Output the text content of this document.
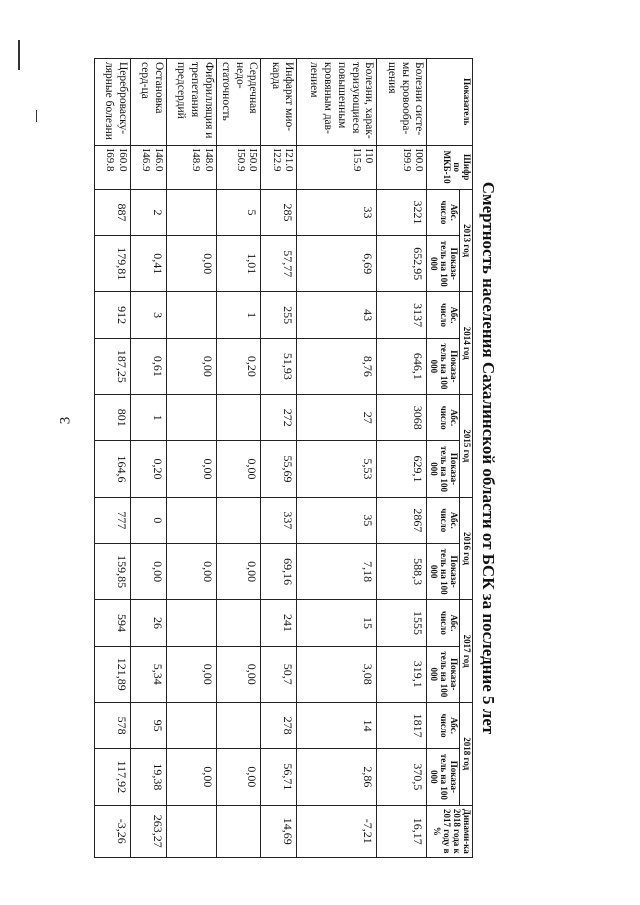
3	Смертность населения Сахалинской области от БСК за последние 5 лет
Показатель	Шифр по МКБ-10	2013 год		2014 год		2015 год		2016 год		2017 год		2018 год		Динами-ка 2018 года к 2017 году в %
		Абс. число	Показа-тель на 100 000	Абс. число	Показа-тель на 100 000	Абс. число	Показа-тель на 100 000	Абс. число	Показа-тель на 100 000	Абс. число	Показа-тель на 100 000	Абс. число	Показа-тель на 100 000	
Болезни систе-мы кровообра-щения	I00.0 I99.9	3221	652,95	3137	646,1	3068	629,1	2867	588,3	1555	319,1	1817	370,5	16,17
Болезни, харак-теризующиеся повышенным кровяным дав-лением	I10 I15.9	33	6,69	43	8,76	27	5,53	35	7,18	15	3,08	14	2,86	-7,21
Инфаркт мио-карда	I21.0 I22.9	285	57,77	255	51,93	272	55,69	337	69,16	241	50,7	278	56,71	14,69
Сердечная недо-статочность	I50.0 I50.9	5	1,01	1	0,20		0,00		0,00		0,00		0,00	
Фибрилляция и трепетания предсердий	I48.0 I48.9		0,00		0,00		0,00		0,00		0,00		0,00	
Остановка серд-ца	I46.0 I46.9	2	0,41	3	0,61	1	0,20	0	0,00	26	5,34	95	19,38	263,27
Цереброваску-лярные болезни	I60.0 I69.8	887	179,81	912	187,25	801	164,6	777	159,85	594	121,89	578	117,92	-3,26
